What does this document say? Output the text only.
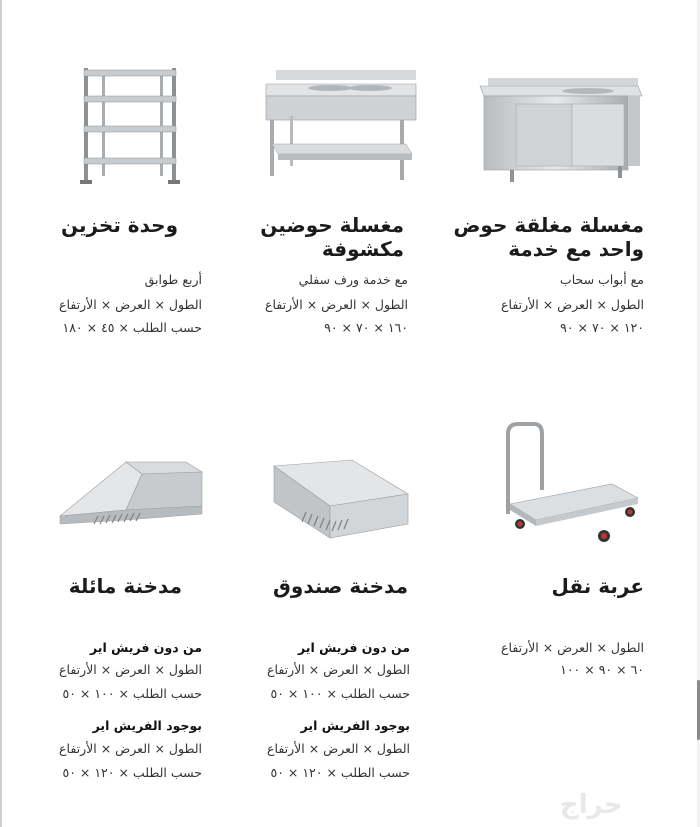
مغسلة مغلقة حوض
واحد مع خدمة
مع أبواب سحاب
الطول × العرض × الأرتفاع
١٢٠ × ٧٠ × ٩٠
مغسلة حوضين
مكشوفة
مع خدمة ورف سفلي
الطول × العرض × الأرتفاع
١٦٠ × ٧٠ × ٩٠
وحدة تخزين
أربع طوابق
الطول × العرض × الأرتفاع
حسب الطلب × ٤٥ × ١٨٠
عربة نقل
الطول × العرض × الأرتفاع
٦٠ × ٩٠ × ١٠٠
مدخنة صندوق
من دون فريش اير
الطول × العرض × الأرتفاع
حسب الطلب × ١٠٠ × ٥٠
بوجود الفريش اير
الطول × العرض × الأرتفاع
حسب الطلب × ١٢٠ × ٥٠
مدخنة مائلة
من دون فريش اير
الطول × العرض × الأرتفاع
حسب الطلب × ١٠٠ × ٥٠
بوجود الفريش اير
الطول × العرض × الأرتفاع
حسب الطلب × ١٢٠ × ٥٠
حراج
